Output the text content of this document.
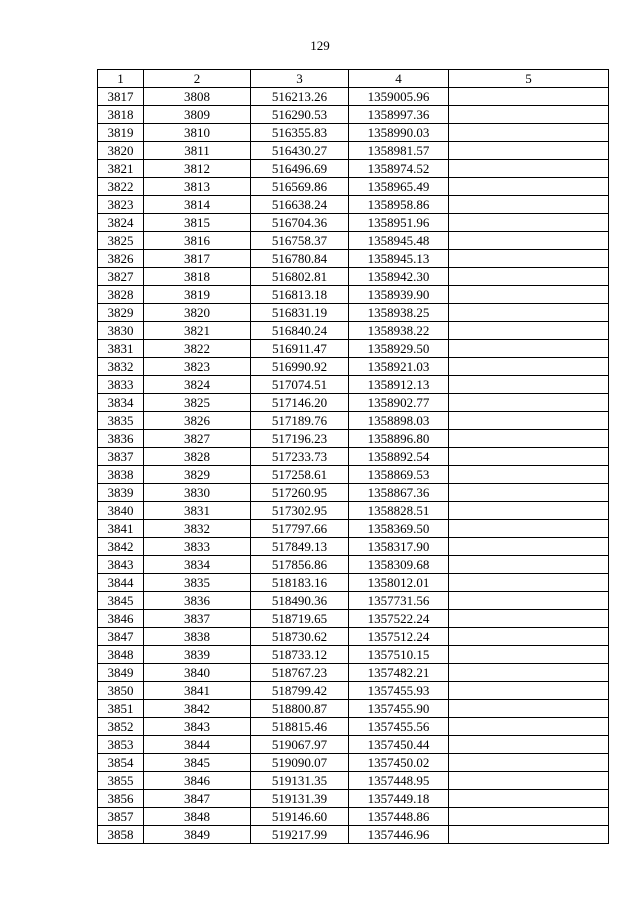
129
1	2	3	4	5
3817	3808	516213.26	1359005.96	
3818	3809	516290.53	1358997.36	
3819	3810	516355.83	1358990.03	
3820	3811	516430.27	1358981.57	
3821	3812	516496.69	1358974.52	
3822	3813	516569.86	1358965.49	
3823	3814	516638.24	1358958.86	
3824	3815	516704.36	1358951.96	
3825	3816	516758.37	1358945.48	
3826	3817	516780.84	1358945.13	
3827	3818	516802.81	1358942.30	
3828	3819	516813.18	1358939.90	
3829	3820	516831.19	1358938.25	
3830	3821	516840.24	1358938.22	
3831	3822	516911.47	1358929.50	
3832	3823	516990.92	1358921.03	
3833	3824	517074.51	1358912.13	
3834	3825	517146.20	1358902.77	
3835	3826	517189.76	1358898.03	
3836	3827	517196.23	1358896.80	
3837	3828	517233.73	1358892.54	
3838	3829	517258.61	1358869.53	
3839	3830	517260.95	1358867.36	
3840	3831	517302.95	1358828.51	
3841	3832	517797.66	1358369.50	
3842	3833	517849.13	1358317.90	
3843	3834	517856.86	1358309.68	
3844	3835	518183.16	1358012.01	
3845	3836	518490.36	1357731.56	
3846	3837	518719.65	1357522.24	
3847	3838	518730.62	1357512.24	
3848	3839	518733.12	1357510.15	
3849	3840	518767.23	1357482.21	
3850	3841	518799.42	1357455.93	
3851	3842	518800.87	1357455.90	
3852	3843	518815.46	1357455.56	
3853	3844	519067.97	1357450.44	
3854	3845	519090.07	1357450.02	
3855	3846	519131.35	1357448.95	
3856	3847	519131.39	1357449.18	
3857	3848	519146.60	1357448.86	
3858	3849	519217.99	1357446.96	
